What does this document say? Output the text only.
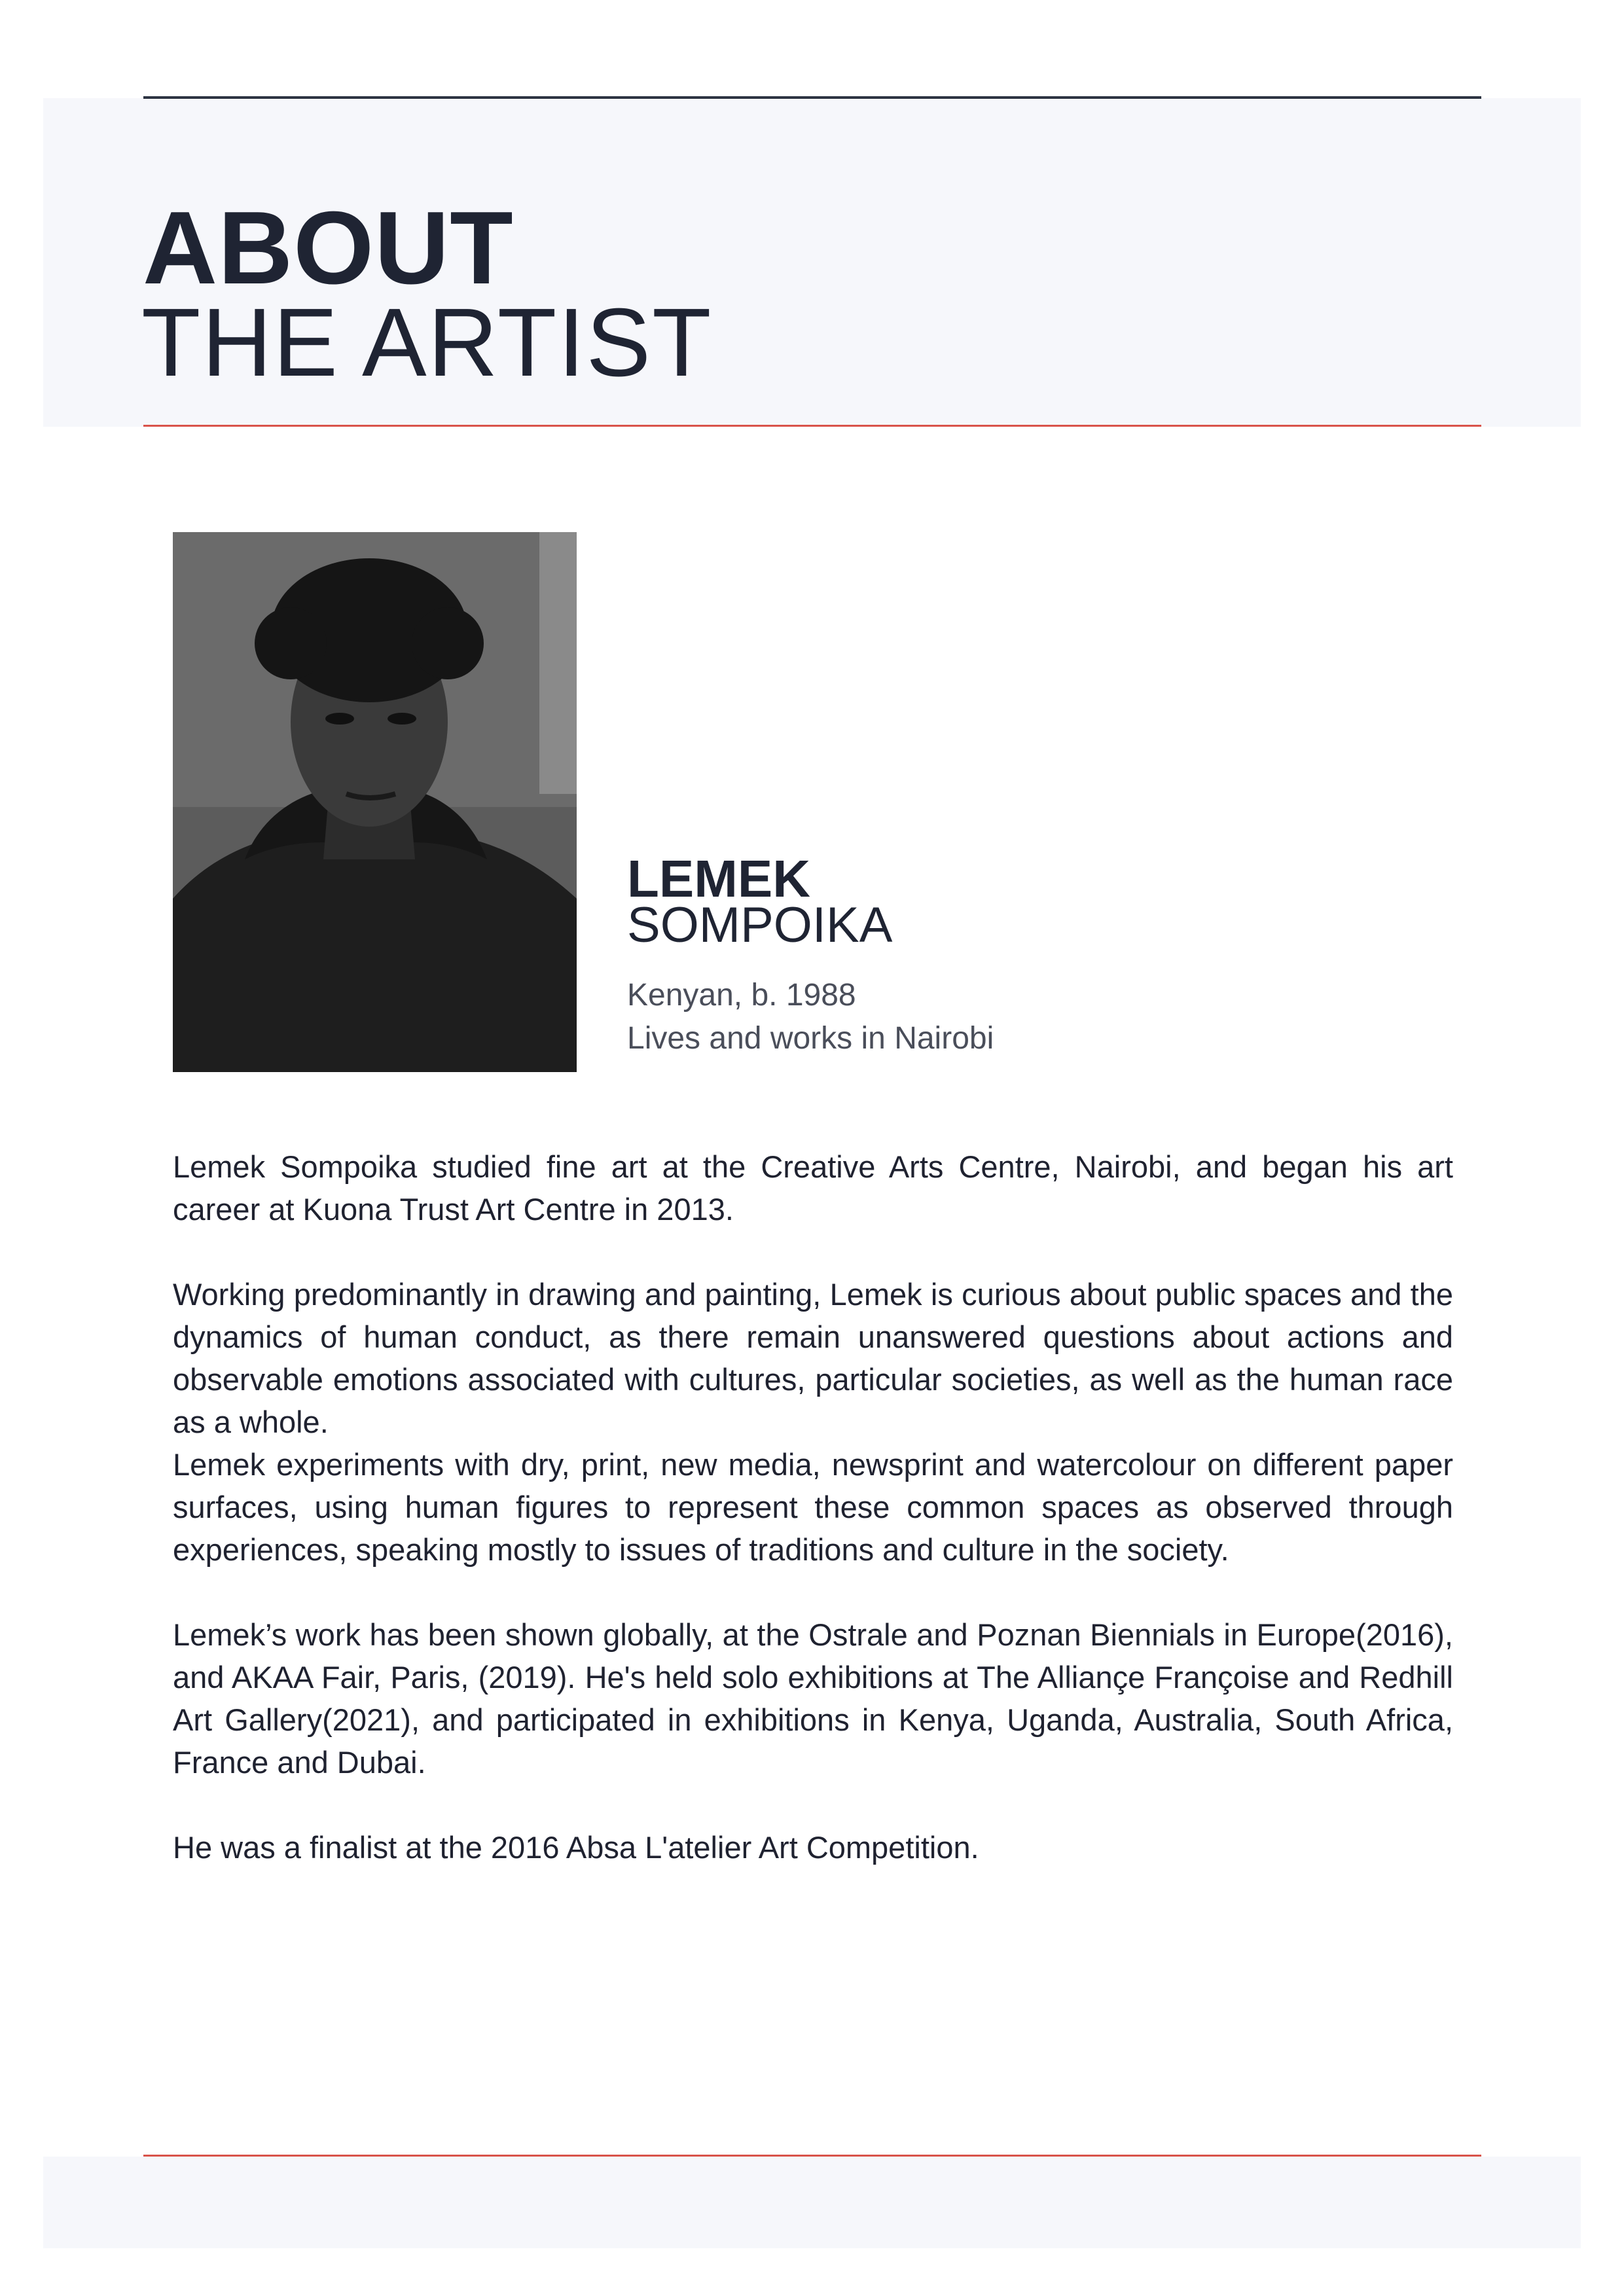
ABOUT
THE ARTIST
LEMEK
SOMPOIKA
Kenyan, b. 1988
Lives and works in Nairobi

Lemek Sompoika studied fine art at the Creative Arts Centre, Nairobi, and began his art career at Kuona Trust Art Centre in 2013.

Working predominantly in drawing and painting, Lemek is curious about public spaces and the dynamics of human conduct, as there remain unanswered questions about actions and observable emotions associated with cultures, particular societies, as well as the human race as a whole.

Lemek experiments with dry, print, new media, newsprint and watercolour on different paper surfaces, using human figures to represent these common spaces as observed through experiences, speaking mostly to issues of traditions and culture in the society.

Lemek’s work has been shown globally, at the Ostrale and Poznan Biennials in Europe(2016), and AKAA Fair, Paris, (2019). He's held solo exhibitions at The Alliançe Françoise and Redhill Art Gallery(2021), and participated in exhibitions in Kenya, Uganda, Australia, South Africa, France and Dubai.

He was a finalist at the 2016 Absa L'atelier Art Competition.
